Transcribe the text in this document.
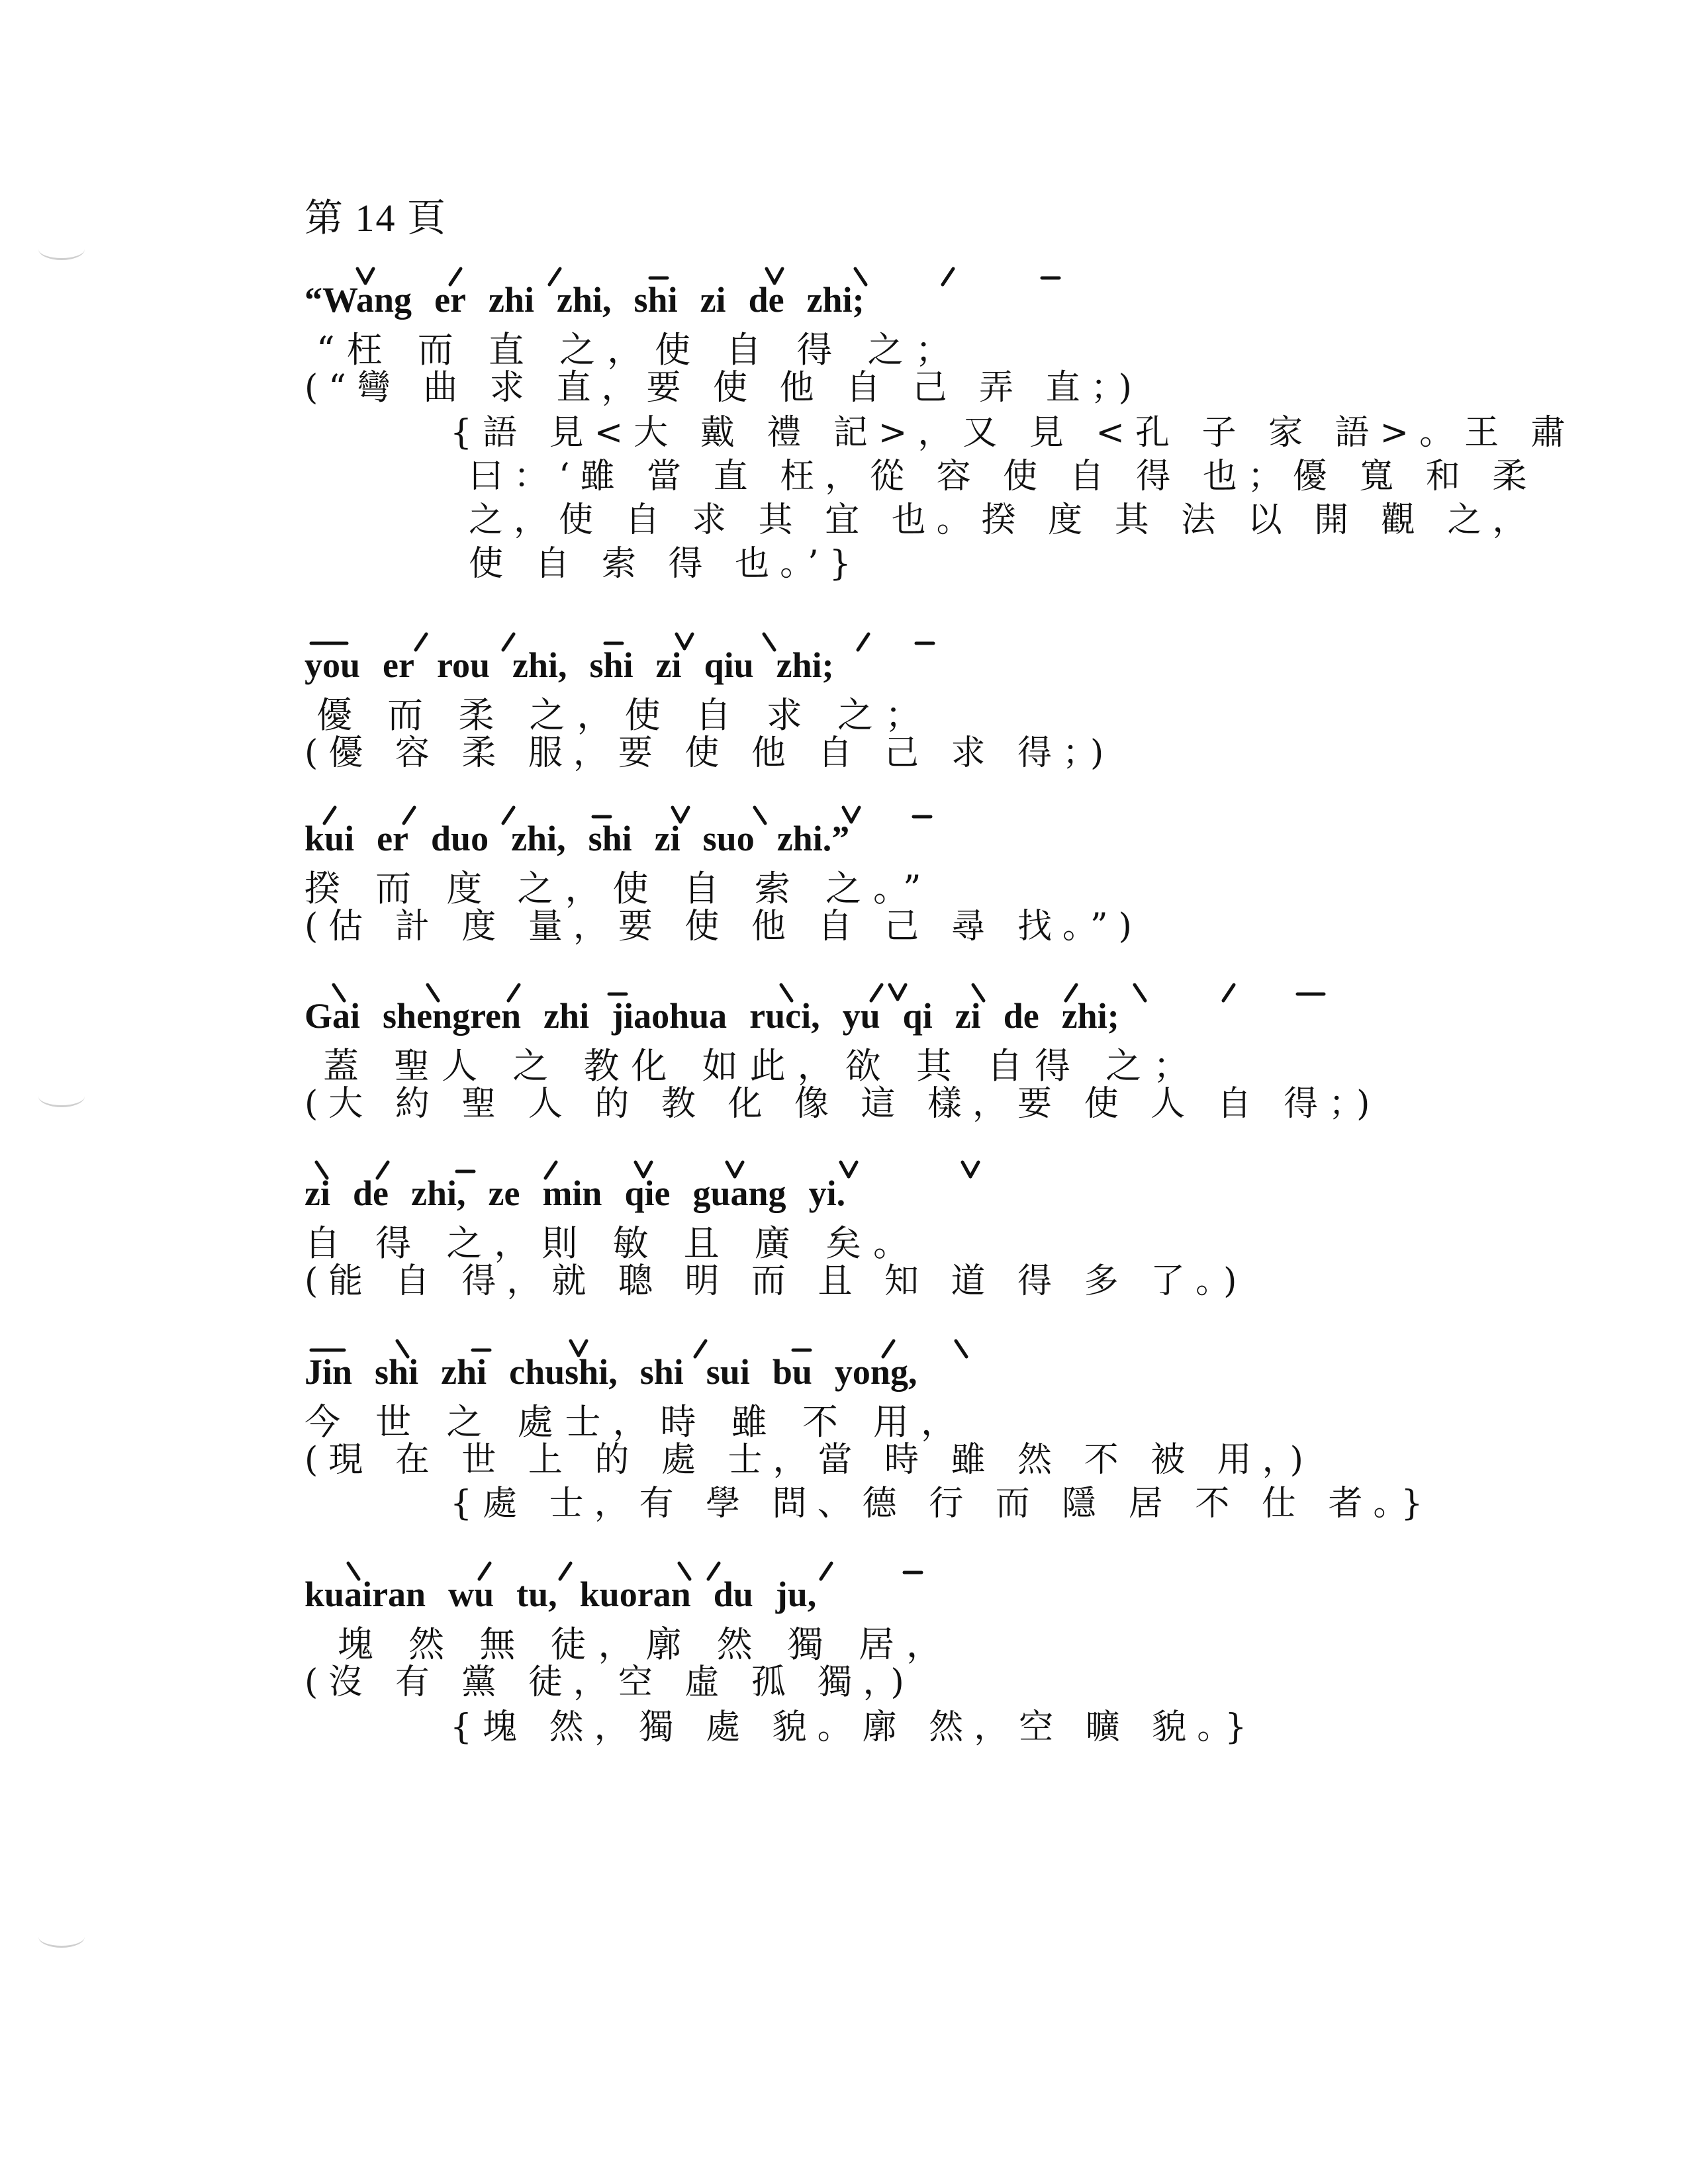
第 14 頁
“Wang er zhi zhi, shi zi de zhi;
“枉 而 直 之，使 自 得 之；
(“彎 曲 求 直，要 使 他 自 己 弄 直；)
{語 見<大 戴 禮 記>，又 見 <孔 子 家 語>。王 肅
曰：‘雖 當 直 枉，從 容 使 自 得 也；優 寬 和 柔
之，使 自 求 其 宜 也。揆 度 其 法 以 開 觀 之，
使 自 索 得 也。’}
you er rou zhi, shi zi qiu zhi;
優 而 柔 之，使 自 求 之；
(優 容 柔 服，要 使 他 自 己 求 得；)
kui er duo zhi, shi zi suo zhi.”
揆 而 度 之，使 自 索 之。”
(估 計 度 量，要 使 他 自 己 尋 找。”)
Gai shengren zhi jiaohua ruci, yu qi zi de zhi;
蓋 聖人 之 教化 如此，欲 其 自得 之；
(大 約 聖 人 的 教 化 像 這 樣，要 使 人 自 得；)
zi de zhi, ze min qie guang yi.
自 得 之，則 敏 且 廣 矣。
(能 自 得，就 聰 明 而 且 知 道 得 多 了。)
Jin shi zhi chushi, shi sui bu yong,
今 世 之 處士，時 雖 不 用，
(現 在 世 上 的 處 士，當 時 雖 然 不 被 用，)
{處 士，有 學 問、德 行 而 隱 居 不 仕 者。}
kuairan wu tu, kuoran du ju,
塊 然 無 徒，廓 然 獨 居，
(沒 有 黨 徒，空 虛 孤 獨，)
{塊 然，獨 處 貌。廓 然，空 曠 貌。}
